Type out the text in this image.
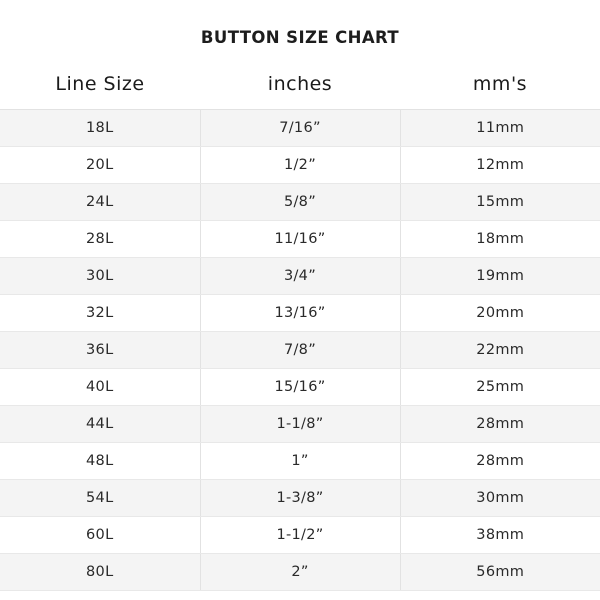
BUTTON SIZE CHART
Line Size	inches	mm's
18L	7/16”	11mm
20L	1/2”	12mm
24L	5/8”	15mm
28L	11/16”	18mm
30L	3/4”	19mm
32L	13/16”	20mm
36L	7/8”	22mm
40L	15/16”	25mm
44L	1-1/8”	28mm
48L	1”	28mm
54L	1-3/8”	30mm
60L	1-1/2”	38mm
80L	2”	56mm
